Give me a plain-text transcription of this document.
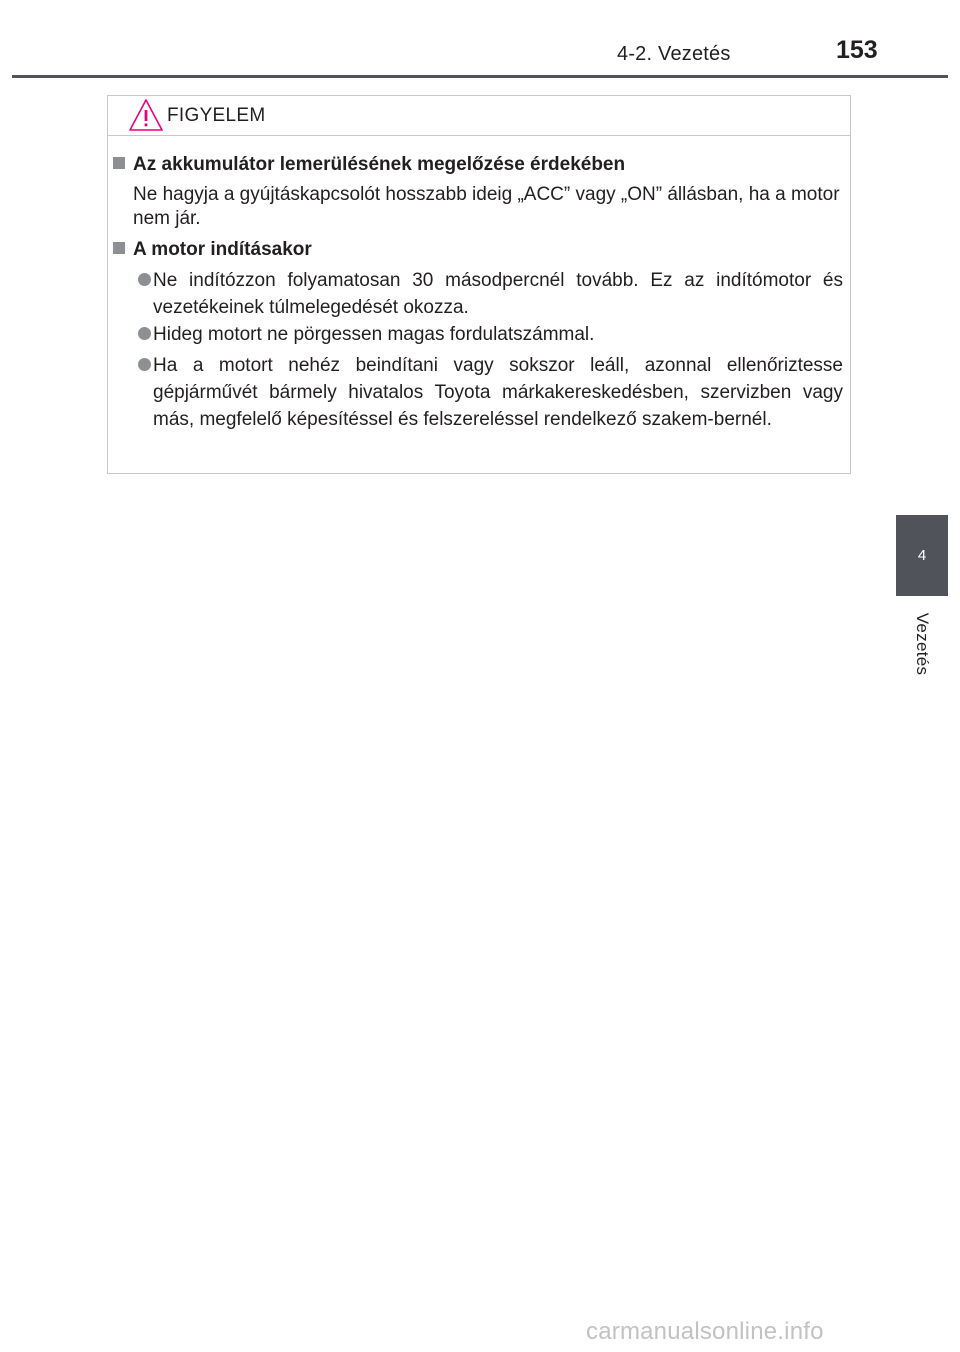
4-2. Vezetés	153
FIGYELEM
Az akkumulátor lemerülésének megelőzése érdekében
Ne hagyja a gyújtáskapcsolót hosszabb ideig „ACC” vagy „ON” állásban, ha a motor nem jár.
A motor indításakor
Ne indítózzon folyamatosan 30 másodpercnél tovább. Ez az indítómotor és vezetékeinek túlmelegedését okozza.
Hideg motort ne pörgessen magas fordulatszámmal.
Ha a motort nehéz beindítani vagy sokszor leáll, azonnal ellenőriztesse gépjárművét bármely hivatalos Toyota márkakereskedésben, szervizben vagy más, megfelelő képesítéssel és felszereléssel rendelkező szakem-bernél.
4
Vezetés
carmanualsonline.info
